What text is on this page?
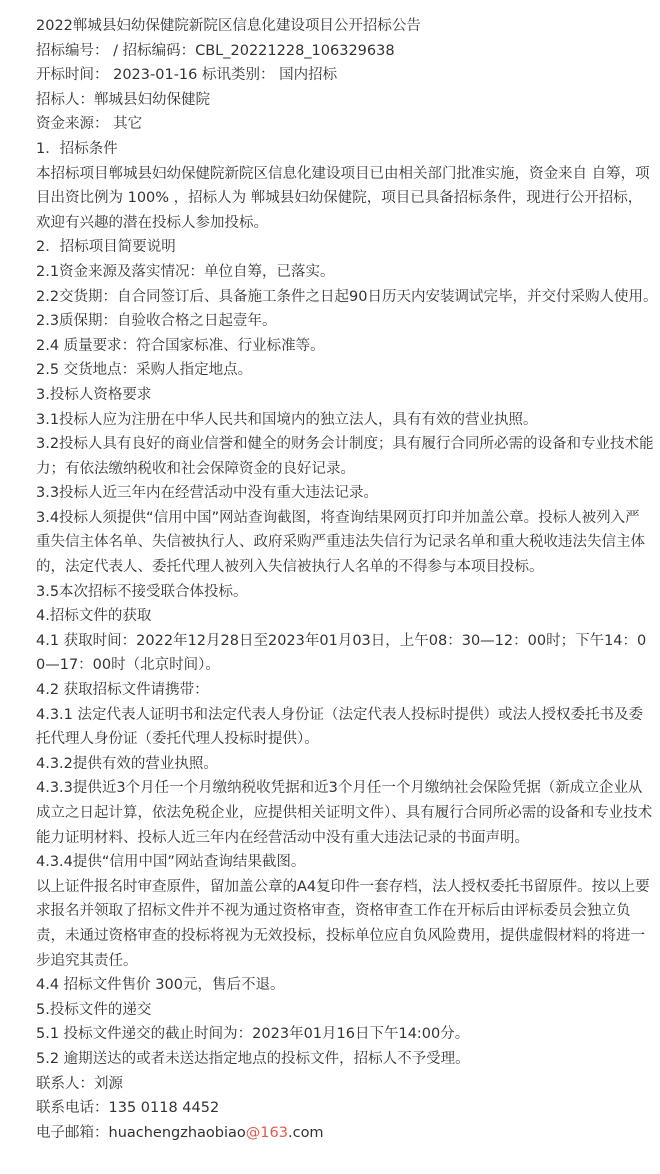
2022郸城县妇幼保健院新院区信息化建设项目公开招标公告
招标编号： / 招标编码：CBL_20221228_106329638
开标时间： 2023-01-16 标讯类别： 国内招标
招标人：郸城县妇幼保健院
资金来源： 其它
1．招标条件
本招标项目郸城县妇幼保健院新院区信息化建设项目已由相关部门批准实施，资金来自 自筹，项目出资比例为 100% ，招标人为 郸城县妇幼保健院，项目已具备招标条件，现进行公开招标，欢迎有兴趣的潜在投标人参加投标。
2．招标项目简要说明
2.1资金来源及落实情况：单位自筹，已落实。
2.2交货期：自合同签订后、具备施工条件之日起90日历天内安装调试完毕，并交付采购人使用。
2.3质保期：自验收合格之日起壹年。
2.4 质量要求：符合国家标准、行业标准等。
2.5 交货地点：采购人指定地点。
3.投标人资格要求
3.1投标人应为注册在中华人民共和国境内的独立法人，具有有效的营业执照。
3.2投标人具有良好的商业信誉和健全的财务会计制度；具有履行合同所必需的设备和专业技术能力；有依法缴纳税收和社会保障资金的良好记录。
3.3投标人近三年内在经营活动中没有重大违法记录。
3.4投标人须提供“信用中国”网站查询截图，将查询结果网页打印并加盖公章。投标人被列入严重失信主体名单、失信被执行人、政府采购严重违法失信行为记录名单和重大税收违法失信主体的，法定代表人、委托代理人被列入失信被执行人名单的不得参与本项目投标。
3.5本次招标不接受联合体投标。
4.招标文件的获取
4.1 获取时间：2022年12月28日至2023年01月03日，上午08：30—12：00时；下午14：00—17：00时（北京时间）。
4.2 获取招标文件请携带：
4.3.1 法定代表人证明书和法定代表人身份证（法定代表人投标时提供）或法人授权委托书及委托代理人身份证（委托代理人投标时提供）。
4.3.2提供有效的营业执照。
4.3.3提供近3个月任一个月缴纳税收凭据和近3个月任一个月缴纳社会保险凭据（新成立企业从成立之日起计算，依法免税企业，应提供相关证明文件）、具有履行合同所必需的设备和专业技术能力证明材料、投标人近三年内在经营活动中没有重大违法记录的书面声明。
4.3.4提供“信用中国”网站查询结果截图。
以上证件报名时审查原件，留加盖公章的A4复印件一套存档，法人授权委托书留原件。按以上要求报名并领取了招标文件并不视为通过资格审查，资格审查工作在开标后由评标委员会独立负责，未通过资格审查的投标将视为无效投标，投标单位应自负风险费用，提供虚假材料的将进一步追究其责任。
4.4 招标文件售价 300元，售后不退。
5.投标文件的递交
5.1 投标文件递交的截止时间为：2023年01月16日下午14:00分。
5.2 逾期送达的或者未送达指定地点的投标文件，招标人不予受理。
联系人：刘源
联系电话：135 0118 4452
电子邮箱：huachengzhaobiao@163.com
